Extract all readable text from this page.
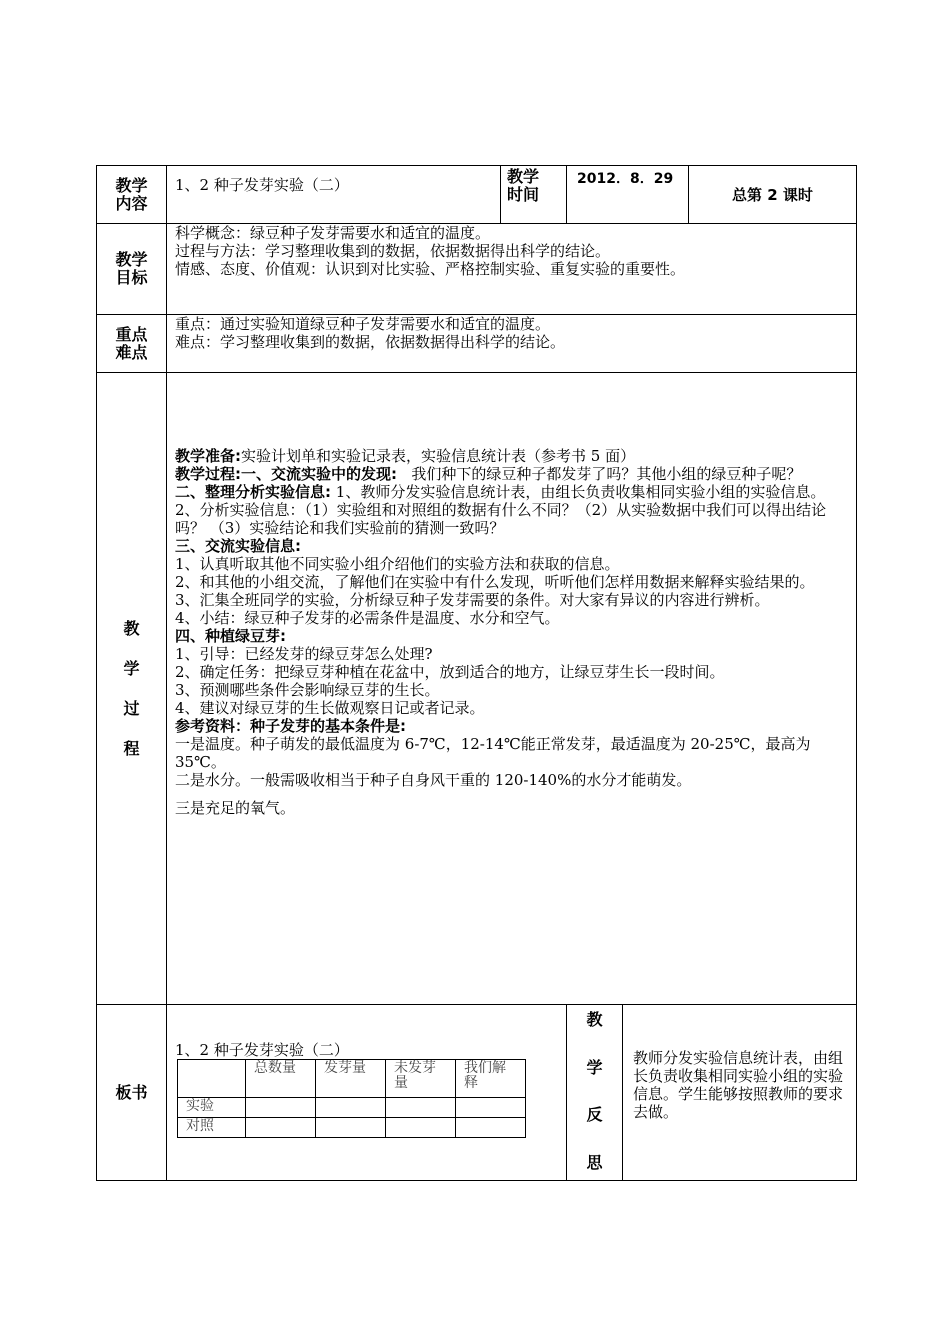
教学内容	1、2 种子发芽实验（二）	教学时间	2012．8．29	总第 2 课时
教学目标	
科学概念：绿豆种子发芽需要水和适宜的温度。
过程与方法：学习整理收集到的数据，依据数据得出科学的结论。
情感、态度、价值观：认识到对比实验、严格控制实验、重复实验的重要性。

重点难点	
重点：通过实验知道绿豆种子发芽需要水和适宜的温度。
难点：学习整理收集到的数据，依据数据得出科学的结论。

教
学
过
程

教学准备:实验计划单和实验记录表，实验信息统计表（参考书 5 面）
教学过程:一、交流实验中的发现: 我们种下的绿豆种子都发芽了吗？其他小组的绿豆种子呢？
二、整理分析实验信息: 1、教师分发实验信息统计表，由组长负责收集相同实验小组的实验信息。 2、分析实验信息：（1）实验组和对照组的数据有什么不同？（2）从实验数据中我们可以得出结论吗？ （3）实验结论和我们实验前的猜测一致吗？
三、交流实验信息:
1、认真听取其他不同实验小组介绍他们的实验方法和获取的信息。
2、和其他的小组交流，了解他们在实验中有什么发现，听听他们怎样用数据来解释实验结果的。
3、汇集全班同学的实验，分析绿豆种子发芽需要的条件。对大家有异议的内容进行辨析。
4、小结：绿豆种子发芽的必需条件是温度、水分和空气。
四、种植绿豆芽:
1、引导：已经发芽的绿豆芽怎么处理?
2、确定任务：把绿豆芽种植在花盆中，放到适合的地方，让绿豆芽生长一段时间。
3、预测哪些条件会影响绿豆芽的生长。
4、建议对绿豆芽的生长做观察日记或者记录。
参考资料：种子发芽的基本条件是:
一是温度。种子萌发的最低温度为 6-7℃，12-14℃能正常发芽，最适温度为 20-25℃，最高为 35℃。
二是水分。一般需吸收相当于种子自身风干重的 120-140%的水分才能萌发。
三是充足的氧气。

板书	
1、2 种子发芽实验（二）
	总数量	发芽量	未发芽量	我们解释
实验				
对照				

教
学
反
思
教师分发实验信息统计表，由组长负责收集相同实验小组的实验信息。学生能够按照教师的要求去做。
